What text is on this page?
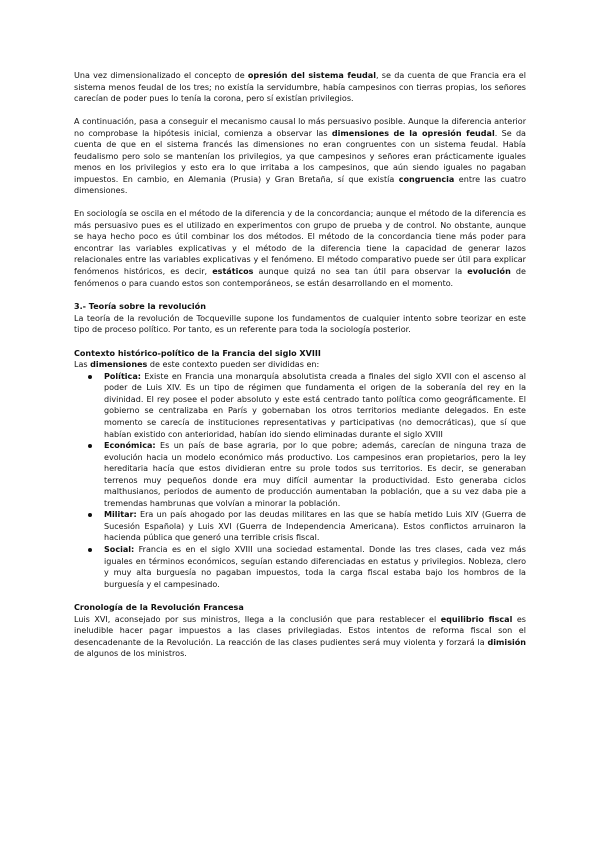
Una vez dimensionalizado el concepto de opresión del sistema feudal, se da cuenta de que Francia era el sistema menos feudal de los tres; no existía la servidumbre, había campesinos con tierras propias, los señores carecían de poder pues lo tenía la corona, pero sí existían privilegios.

A continuación, pasa a conseguir el mecanismo causal lo más persuasivo posible. Aunque la diferencia anterior no comprobase la hipótesis inicial, comienza a observar las dimensiones de la opresión feudal. Se da cuenta de que en el sistema francés las dimensiones no eran congruentes con un sistema feudal. Había feudalismo pero solo se mantenían los privilegios, ya que campesinos y señores eran prácticamente iguales menos en los privilegios y esto era lo que irritaba a los campesinos, que aún siendo iguales no pagaban impuestos. En cambio, en Alemania (Prusia) y Gran Bretaña, sí que existía congruencia entre las cuatro dimensiones.

En sociología se oscila en el método de la diferencia y de la concordancia; aunque el método de la diferencia es más persuasivo pues es el utilizado en experimentos con grupo de prueba y de control. No obstante, aunque se haya hecho poco es útil combinar los dos métodos. El método de la concordancia tiene más poder para encontrar las variables explicativas y el método de la diferencia tiene la capacidad de generar lazos relacionales entre las variables explicativas y el fenómeno. El método comparativo puede ser útil para explicar fenómenos históricos, es decir, estáticos aunque quizá no sea tan útil para observar la evolución de fenómenos o para cuando estos son contemporáneos, se están desarrollando en el momento.

3.- Teoría sobre la revolución

La teoría de la revolución de Tocqueville supone los fundamentos de cualquier intento sobre teorizar en este tipo de proceso político. Por tanto, es un referente para toda la sociología posterior.

Contexto histórico-político de la Francia del siglo XVIII

Las dimensiones de este contexto pueden ser divididas en:

Política: Existe en Francia una monarquía absolutista creada a finales del siglo XVII con el ascenso al poder de Luis XIV. Es un tipo de régimen que fundamenta el origen de la soberanía del rey en la divinidad. El rey posee el poder absoluto y este está centrado tanto política como geográficamente. El gobierno se centralizaba en París y gobernaban los otros territorios mediante delegados. En este momento se carecía de instituciones representativas y participativas (no democráticas), que sí que habían existido con anterioridad, habían ido siendo eliminadas durante el siglo XVIII
Económica: Es un país de base agraria, por lo que pobre; además, carecían de ninguna traza de evolución hacia un modelo económico más productivo. Los campesinos eran propietarios, pero la ley hereditaria hacía que estos dividieran entre su prole todos sus territorios. Es decir, se generaban terrenos muy pequeños donde era muy difícil aumentar la productividad. Esto generaba ciclos malthusianos, periodos de aumento de producción aumentaban la población, que a su vez daba pie a tremendas hambrunas que volvían a minorar la población.
Militar: Era un país ahogado por las deudas militares en las que se había metido Luis XIV (Guerra de Sucesión Española) y Luis XVI (Guerra de Independencia Americana). Estos conflictos arruinaron la hacienda pública que generó una terrible crisis fiscal.
Social: Francia es en el siglo XVIII una sociedad estamental. Donde las tres clases, cada vez más iguales en términos económicos, seguían estando diferenciadas en estatus y privilegios. Nobleza, clero y muy alta burguesía no pagaban impuestos, toda la carga fiscal estaba bajo los hombros de la burguesía y el campesinado.

Cronología de la Revolución Francesa

Luis XVI, aconsejado por sus ministros, llega a la conclusión que para restablecer el equilibrio fiscal es ineludible hacer pagar impuestos a las clases privilegiadas. Estos intentos de reforma fiscal son el desencadenante de la Revolución. La reacción de las clases pudientes será muy violenta y forzará la dimisión de algunos de los ministros.
